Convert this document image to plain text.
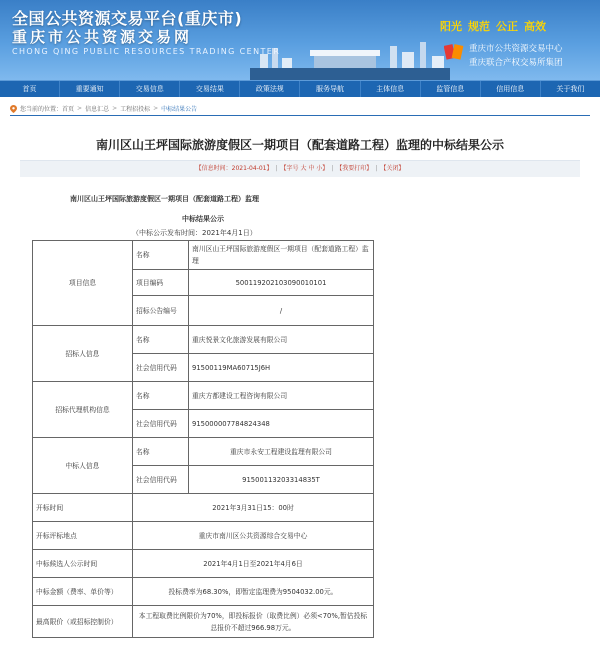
全国公共资源交易平台(重庆市)
重庆市公共资源交易网
CHONG QING PUBLIC RESOURCES TRADING CENTER
阳光 规范 公正 高效
重庆市公共资源交易中心
重庆联合产权交易所集团
首页	重要通知	交易信息	交易结果	政策法规	服务导航	主体信息	监管信息	信用信息	关于我们
您当前的位置： 首页 > 信息汇总 > 工程招投标 > 中标结果公告
南川区山王坪国际旅游度假区一期项目（配套道路工程）监理的中标结果公示
【信息时间：2021-04-01】 | 【字号 大 中 小】 | 【我要打印】 | 【关闭】
南川区山王坪国际旅游度假区一期项目（配套道路工程）监理
中标结果公示
（中标公示发布时间：2021年4月1日）
项目信息	名称	南川区山王坪国际旅游度假区一期项目（配套道路工程）监理
	项目编码	500119202103090010101
	招标公告编号	/
招标人信息	名称	重庆悦景文化旅游发展有限公司
	社会信用代码	91500119MA60715J6H
招标代理机构信息	名称	重庆方都建设工程咨询有限公司
	社会信用代码	915000007784824348
中标人信息	名称	重庆市永安工程建设监理有限公司
	社会信用代码	91500113203314835T
开标时间	2021年3月31日15：00时	
开标评标地点	重庆市南川区公共资源综合交易中心	
中标候选人公示时间	2021年4月1日至2021年4月6日	
中标金额（费率、单价等）	投标费率为68.30%，即暂定监理费为9504032.00元。	
最高限价（或招标控制价）	本工程取费比例限价为70%，即投标报价（取费比例）必须<70%,暂估投标总报价不超过966.98万元。	
